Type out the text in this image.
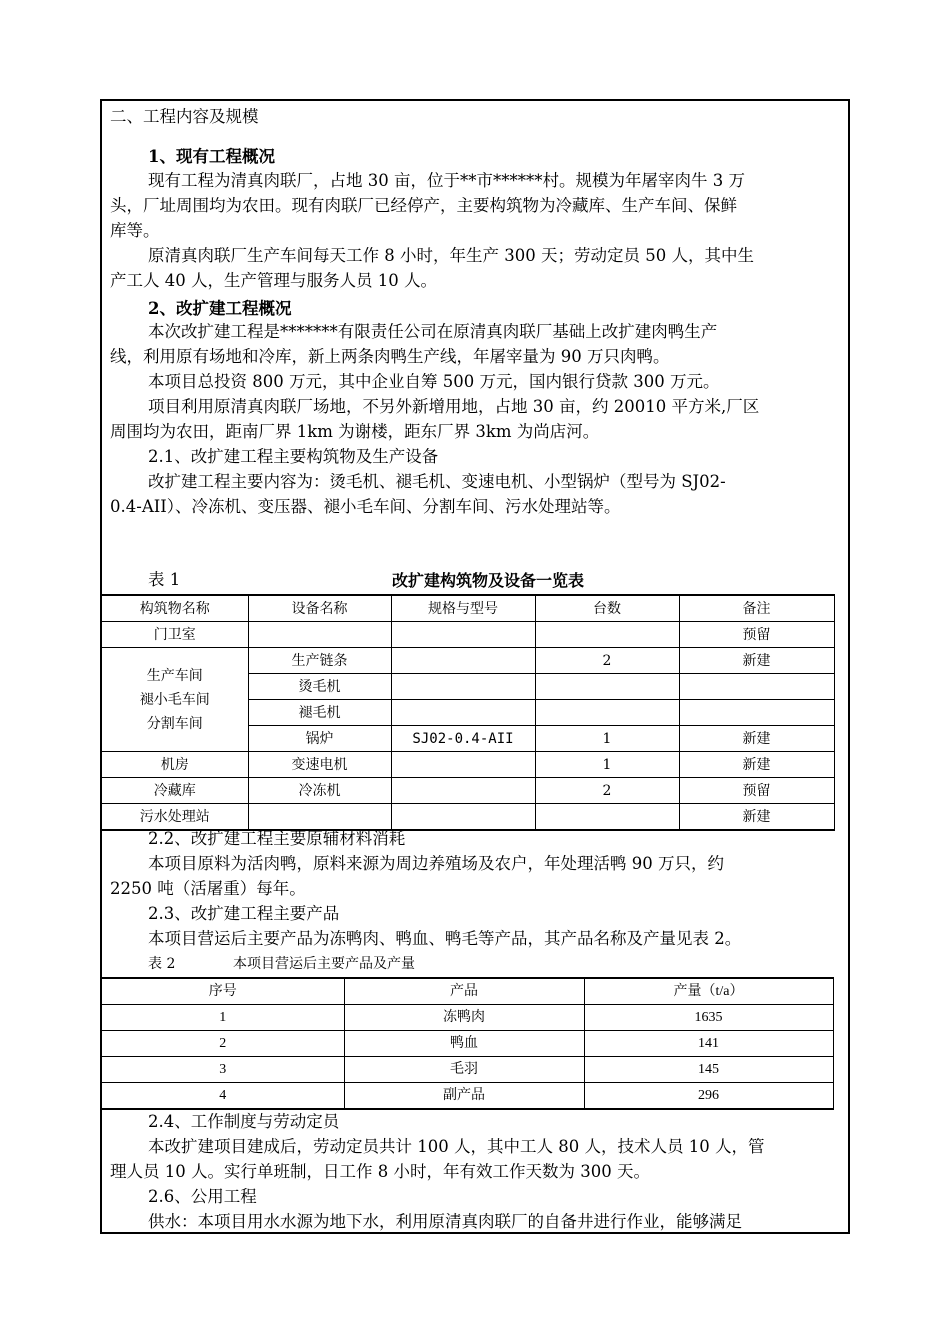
二、工程内容及规模
1、现有工程概况
现有工程为清真肉联厂，占地 30 亩，位于**市******村。规模为年屠宰肉牛 3 万
头，厂址周围均为农田。现有肉联厂已经停产，主要构筑物为冷藏库、生产车间、保鲜
库等。
原清真肉联厂生产车间每天工作 8 小时，年生产 300 天；劳动定员 50 人，其中生
产工人 40 人，生产管理与服务人员 10 人。
2、改扩建工程概况
本次改扩建工程是*******有限责任公司在原清真肉联厂基础上改扩建肉鸭生产
线，利用原有场地和冷库，新上两条肉鸭生产线，年屠宰量为 90 万只肉鸭。
本项目总投资 800 万元，其中企业自筹 500 万元，国内银行贷款 300 万元。
项目利用原清真肉联厂场地，不另外新增用地，占地 30 亩，约 20010 平方米,厂区
周围均为农田，距南厂界 1km 为谢楼，距东厂界 3km 为尚店河。
2.1、改扩建工程主要构筑物及生产设备
改扩建工程主要内容为：烫毛机、褪毛机、变速电机、小型锅炉（型号为 SJ02-
0.4-AII）、冷冻机、变压器、褪小毛车间、分割车间、污水处理站等。
表 1	改扩建构筑物及设备一览表
构筑物名称	设备名称	规格与型号	台数	备注
门卫室				预留

生产车间
褪小毛车间
分割车间	生产链条		2	新建
	烫毛机			
	褪毛机			
	锅炉	SJ02-0.4-AII	1	新建
机房	变速电机		1	新建
冷藏库	冷冻机		2	预留
污水处理站				新建
2.2、改扩建工程主要原辅材料消耗
本项目原料为活肉鸭，原料来源为周边养殖场及农户，年处理活鸭 90 万只，约
2250 吨（活屠重）每年。
2.3、改扩建工程主要产品
本项目营运后主要产品为冻鸭肉、鸭血、鸭毛等产品，其产品名称及产量见表 2。
表 2	本项目营运后主要产品及产量
序号	产品	产量（t/a）
1	冻鸭肉	1635
2	鸭血	141
3	毛羽	145
4	副产品	296
2.4、工作制度与劳动定员
本改扩建项目建成后，劳动定员共计 100 人，其中工人 80 人，技术人员 10 人，管
理人员 10 人。实行单班制，日工作 8 小时，年有效工作天数为 300 天。
2.6、公用工程
供水：本项目用水水源为地下水，利用原清真肉联厂的自备井进行作业，能够满足
